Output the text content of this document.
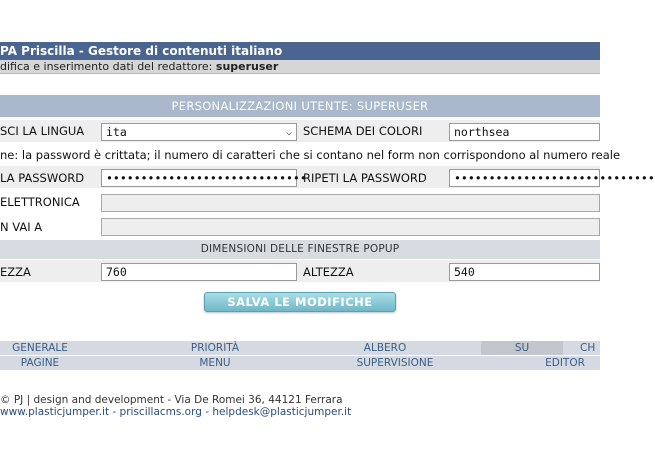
PA Priscilla - Gestore di contenuti italiano
difica e inserimento dati del redattore: superuser
PERSONALIZZAZIONI UTENTE: SUPERUSER
SCI LA LINGUA	ita	⌵ SCHEMA DEI COLORI	northsea
ne: la password è crittata; il numero di caratteri che si contano nel form non corrispondono al numero reale
LA PASSWORD	•••••••••••••••••••••••••••••
RIPETI LA PASSWORD	•••••••••••••••••••••••••••••
ELETTRONICA
N VAI A
DIMENSIONI DELLE FINESTRE POPUP
EZZA	760	ALTEZZA	540
SALVA LE MODIFICHE
GENERALE	PRIORITÀ	ALBERO	SU	CH
PAGINE	MENU	SUPERVISIONE	EDITOR
© PJ | design and development - Via De Romei 36, 44121 Ferrara
www.plasticjumper.it - priscillacms.org - helpdesk@plasticjumper.it
